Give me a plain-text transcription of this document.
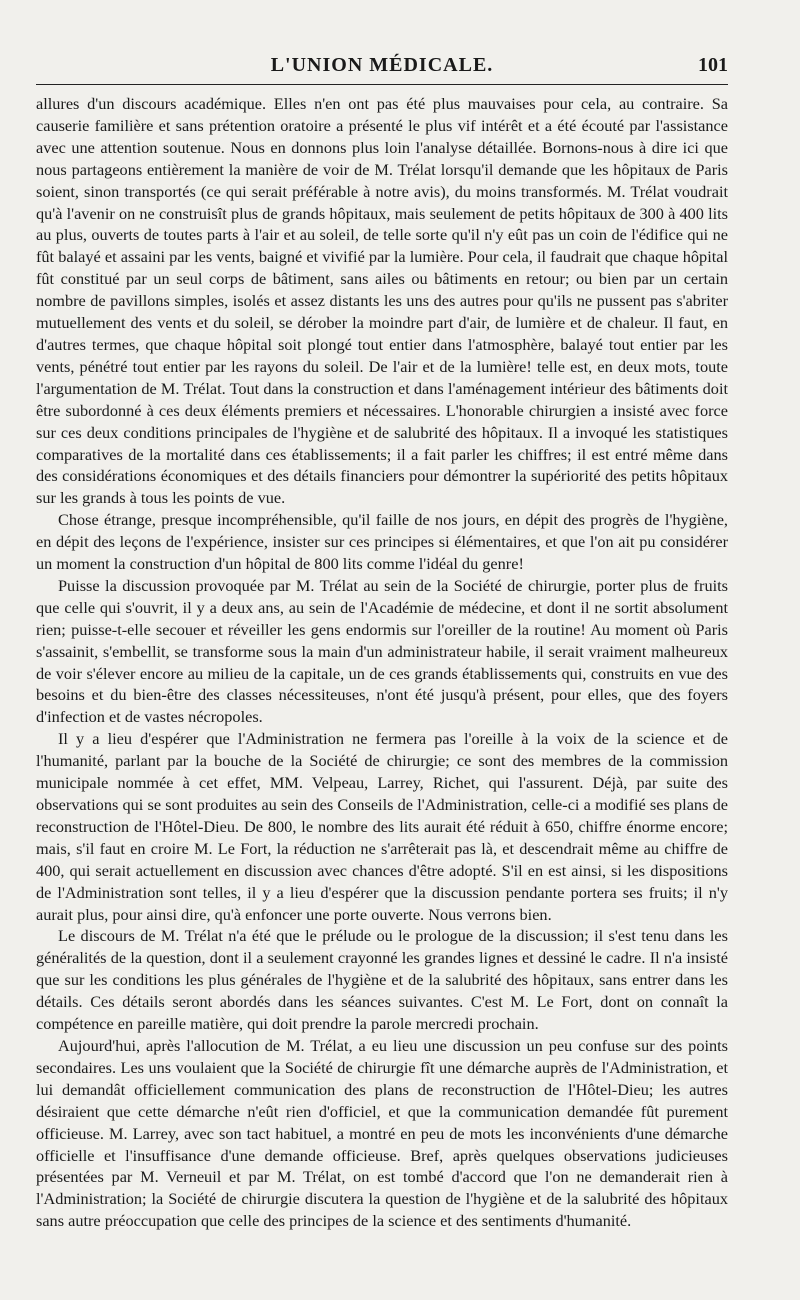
L'UNION MÉDICALE.	101

allures d'un discours académique. Elles n'en ont pas été plus mauvaises pour cela, au contraire. Sa causerie familière et sans prétention oratoire a présenté le plus vif intérêt et a été écouté par l'assistance avec une attention soutenue. Nous en donnons plus loin l'analyse détaillée. Bornons-nous à dire ici que nous partageons entièrement la manière de voir de M. Trélat lorsqu'il demande que les hôpitaux de Paris soient, sinon transportés (ce qui serait préférable à notre avis), du moins transformés. M. Trélat voudrait qu'à l'avenir on ne construisît plus de grands hôpitaux, mais seulement de petits hôpitaux de 300 à 400 lits au plus, ouverts de toutes parts à l'air et au soleil, de telle sorte qu'il n'y eût pas un coin de l'édifice qui ne fût balayé et assaini par les vents, baigné et vivifié par la lumière. Pour cela, il faudrait que chaque hôpital fût constitué par un seul corps de bâtiment, sans ailes ou bâtiments en retour; ou bien par un certain nombre de pavillons simples, isolés et assez distants les uns des autres pour qu'ils ne pussent pas s'abriter mutuellement des vents et du soleil, se dérober la moindre part d'air, de lumière et de chaleur. Il faut, en d'autres termes, que chaque hôpital soit plongé tout entier dans l'atmosphère, balayé tout entier par les vents, pénétré tout entier par les rayons du soleil. De l'air et de la lumière! telle est, en deux mots, toute l'argumentation de M. Trélat. Tout dans la construction et dans l'aménagement intérieur des bâtiments doit être subordonné à ces deux éléments premiers et nécessaires. L'honorable chirurgien a insisté avec force sur ces deux conditions principales de l'hygiène et de salubrité des hôpitaux. Il a invoqué les statistiques comparatives de la mortalité dans ces établissements; il a fait parler les chiffres; il est entré même dans des considérations économiques et des détails financiers pour démontrer la supériorité des petits hôpitaux sur les grands à tous les points de vue.

Chose étrange, presque incompréhensible, qu'il faille de nos jours, en dépit des progrès de l'hygiène, en dépit des leçons de l'expérience, insister sur ces principes si élémentaires, et que l'on ait pu considérer un moment la construction d'un hôpital de 800 lits comme l'idéal du genre!

Puisse la discussion provoquée par M. Trélat au sein de la Société de chirurgie, porter plus de fruits que celle qui s'ouvrit, il y a deux ans, au sein de l'Académie de médecine, et dont il ne sortit absolument rien; puisse-t-elle secouer et réveiller les gens endormis sur l'oreiller de la routine! Au moment où Paris s'assainit, s'embellit, se transforme sous la main d'un administrateur habile, il serait vraiment malheureux de voir s'élever encore au milieu de la capitale, un de ces grands établissements qui, construits en vue des besoins et du bien-être des classes nécessiteuses, n'ont été jusqu'à présent, pour elles, que des foyers d'infection et de vastes nécropoles.

Il y a lieu d'espérer que l'Administration ne fermera pas l'oreille à la voix de la science et de l'humanité, parlant par la bouche de la Société de chirurgie; ce sont des membres de la commission municipale nommée à cet effet, MM. Velpeau, Larrey, Richet, qui l'assurent. Déjà, par suite des observations qui se sont produites au sein des Conseils de l'Administration, celle-ci a modifié ses plans de reconstruction de l'Hôtel-Dieu. De 800, le nombre des lits aurait été réduit à 650, chiffre énorme encore; mais, s'il faut en croire M. Le Fort, la réduction ne s'arrêterait pas là, et descendrait même au chiffre de 400, qui serait actuellement en discussion avec chances d'être adopté. S'il en est ainsi, si les dispositions de l'Administration sont telles, il y a lieu d'espérer que la discussion pendante portera ses fruits; il n'y aurait plus, pour ainsi dire, qu'à enfoncer une porte ouverte. Nous verrons bien.

Le discours de M. Trélat n'a été que le prélude ou le prologue de la discussion; il s'est tenu dans les généralités de la question, dont il a seulement crayonné les grandes lignes et dessiné le cadre. Il n'a insisté que sur les conditions les plus générales de l'hygiène et de la salubrité des hôpitaux, sans entrer dans les détails. Ces détails seront abordés dans les séances suivantes. C'est M. Le Fort, dont on connaît la compétence en pareille matière, qui doit prendre la parole mercredi prochain.

Aujourd'hui, après l'allocution de M. Trélat, a eu lieu une discussion un peu confuse sur des points secondaires. Les uns voulaient que la Société de chirurgie fît une démarche auprès de l'Administration, et lui demandât officiellement communication des plans de reconstruction de l'Hôtel-Dieu; les autres désiraient que cette démarche n'eût rien d'officiel, et que la communication demandée fût purement officieuse. M. Larrey, avec son tact habituel, a montré en peu de mots les inconvénients d'une démarche officielle et l'insuffisance d'une demande officieuse. Bref, après quelques observations judicieuses présentées par M. Verneuil et par M. Trélat, on est tombé d'accord que l'on ne demanderait rien à l'Administration; la Société de chirurgie discutera la question de l'hygiène et de la salubrité des hôpitaux sans autre préoccupation que celle des principes de la science et des sentiments d'humanité.
